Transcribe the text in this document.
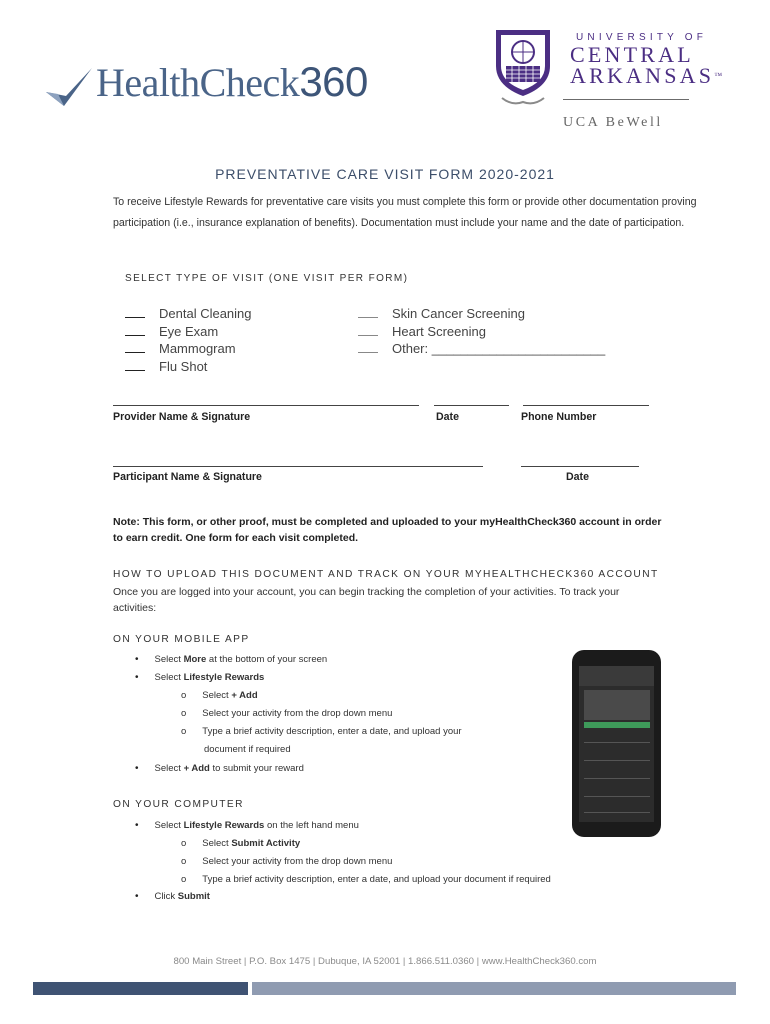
HealthCheck360
UNIVERSITY OF
CENTRAL
ARKANSAS™
UCA BeWell
PREVENTATIVE CARE VISIT FORM 2020-2021
To receive Lifestyle Rewards for preventative care visits you must complete this form or provide other documentation proving participation (i.e., insurance explanation of benefits). Documentation must include your name and the date of participation.
SELECT TYPE OF VISIT (ONE VISIT PER FORM)
Dental Cleaning
Eye Exam
Mammogram
Flu Shot
Skin Cancer Screening
Heart Screening
Other: ________________________
Provider Name & Signature	Date	Phone Number
Participant Name & Signature	Date
Note: This form, or other proof, must be completed and uploaded to your myHealthCheck360 account in order to earn credit. One form for each visit completed.
HOW TO UPLOAD THIS DOCUMENT AND TRACK ON YOUR MYHEALTHCHECK360 ACCOUNT
Once you are logged into your account, you can begin tracking the completion of your activities. To track your activities:
ON YOUR MOBILE APP
• Select More at the bottom of your screen
• Select Lifestyle Rewards
o Select + Add
o Select your activity from the drop down menu
o Type a brief activity description, enter a date, and upload your
document if required
• Select + Add to submit your reward
ON YOUR COMPUTER
• Select Lifestyle Rewards on the left hand menu
o Select Submit Activity
o Select your activity from the drop down menu
o Type a brief activity description, enter a date, and upload your document if required
• Click Submit
800 Main Street | P.O. Box 1475 | Dubuque, IA 52001 | 1.866.511.0360 | www.HealthCheck360.com
